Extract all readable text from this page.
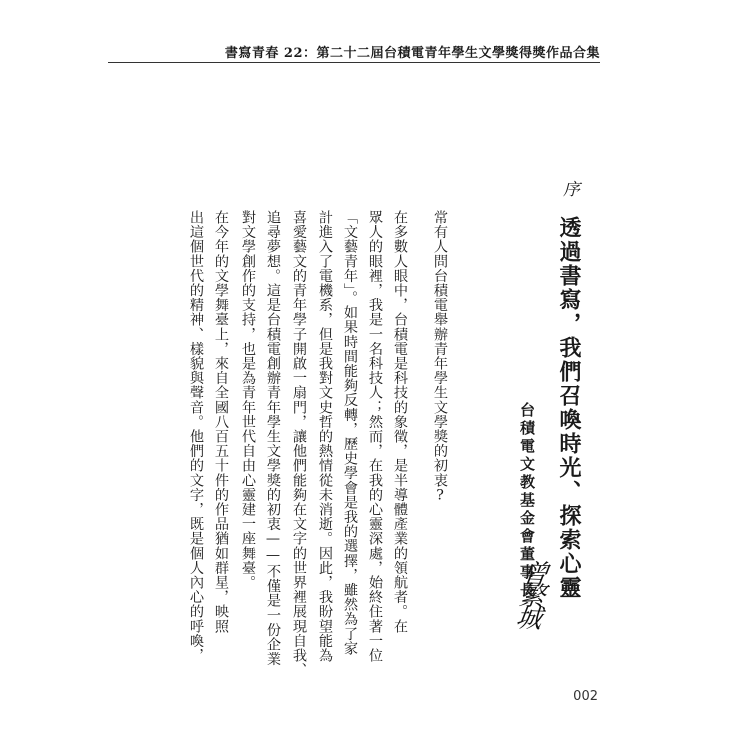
書寫青春 22：第二十二屆台積電青年學生文學獎得獎作品合集

序

透過書寫，我們召喚時光、探索心靈

台積電文教基金會董事長

曾繁城

常有人問台積電舉辦青年學生文學獎的初衷?

在多數人眼中，台積電是科技的象徵，是半導體產業的領航者。在

眾人的眼裡，我是一名科技人；然而，在我的心靈深處，始終住著一位

「文藝青年」。如果時間能夠反轉，歷史學會是我的選擇，雖然為了家

計進入了電機系，但是我對文史哲的熱情從未消逝。因此，我盼望能為

喜愛藝文的青年學子開啟一扇門，讓他們能夠在文字的世界裡展現自我、

追尋夢想。這是台積電創辦青年學生文學獎的初衷——不僅是一份企業

對文學創作的支持，也是為青年世代自由心靈建一座舞臺。

在今年的文學舞臺上，來自全國八百五十件的作品猶如群星，映照

出這個世代的精神、樣貌與聲音。他們的文字，既是個人內心的呼喚，

002
